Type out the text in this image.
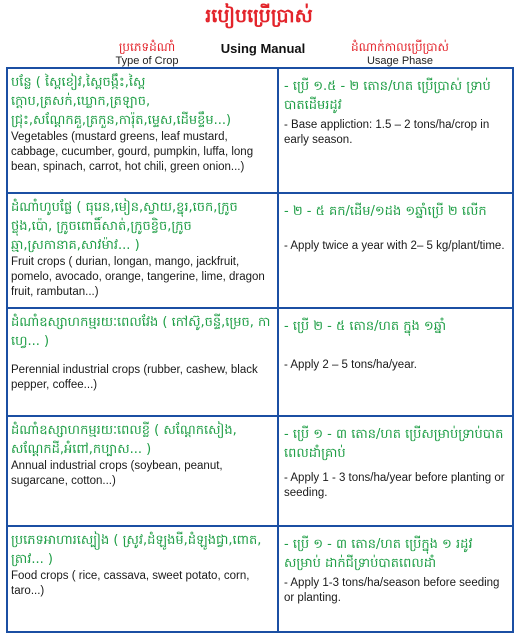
របៀបប្រើប្រាស់
ប្រភេទដំណាំ
Type of Crop
Using Manual	ដំណាក់កាលប្រើប្រាស់
Usage Phase
បន្លែ ( ស្ពៃខៀវ,ស្ពៃចង្កឹះ,ស្ពៃក្ដោប,ត្រសក់,ឃ្លោក,ត្រឡាច, ជ្រុះ,សណ្ដែកគួ,ត្រកួន,ការ៉ុត,ម្ទេស,ដើមខ្ទឹម...)
Vegetables (mustard greens, leaf mustard, cabbage, cucumber, gourd, pumpkin, luffa, long bean, spinach, carrot, hot chili, green onion...)
- ប្រើ ១.៥ - ២ តោន/ហត ប្រើប្រាស់ ទ្រាប់បាតដើមរដូវ
- Base appliction: 1.5 – 2 tons/ha/crop in early season.
ដំណាំហូបផ្លែ ( ធុរេន,មៀន,ស្វាយ,ខ្នុរ,ចេក,ក្រូចថ្លុង,ប៉ោ, ក្រូចពោធិ៍សាត់,ក្រូចខ្វិច,ក្រូចឆ្មា,ស្រកានាគ,សាវម៉ាវ... )
Fruit crops ( durian, longan, mango, jackfruit, pomelo, avocado, orange, tangerine, lime, dragon fruit, rambutan...)
- ២ - ៥ គក/ដើម/១ដង ១ឆ្នាំប្រើ ២ លើក
- Apply twice a year with 2– 5 kg/plant/time.
ដំណាំឧស្សាហកម្មរយៈពេលវែង ( កៅស៊ូ,ចន្ទី,ម្រេច, កាហ្វេ... )
Perennial industrial crops (rubber, cashew, black pepper, coffee...)
- ប្រើ ២ - ៥ តោន/ហត ក្នុង ១ឆ្នាំ
- Apply 2 – 5 tons/ha/year.
ដំណាំឧស្សាហកម្មរយៈពេលខ្លី ( សណ្ដែកសៀង, សណ្ដែកដី,អំពៅ,កប្បាស... )
Annual industrial crops (soybean, peanut, sugarcane, cotton...)
- ប្រើ ១ - ៣ តោន/ហត ប្រើសម្រាប់ទ្រាប់បាតពេលដាំគ្រាប់
- Apply 1 - 3 tons/ha/year before planting or seeding.
ប្រភេទអាហារស្បៀង ( ស្រូវ,ដំឡូងមី,ដំឡូងជ្វា,ពោត, ត្រាវ... )
Food crops ( rice, cassava, sweet potato, corn, taro...)
- ប្រើ ១ - ៣ តោន/ហត ប្រើក្នុង ១ រដូវ សម្រាប់ ដាក់ជីទ្រាប់បាតពេលដាំ
- Apply 1-3 tons/ha/season before seeding or planting.
